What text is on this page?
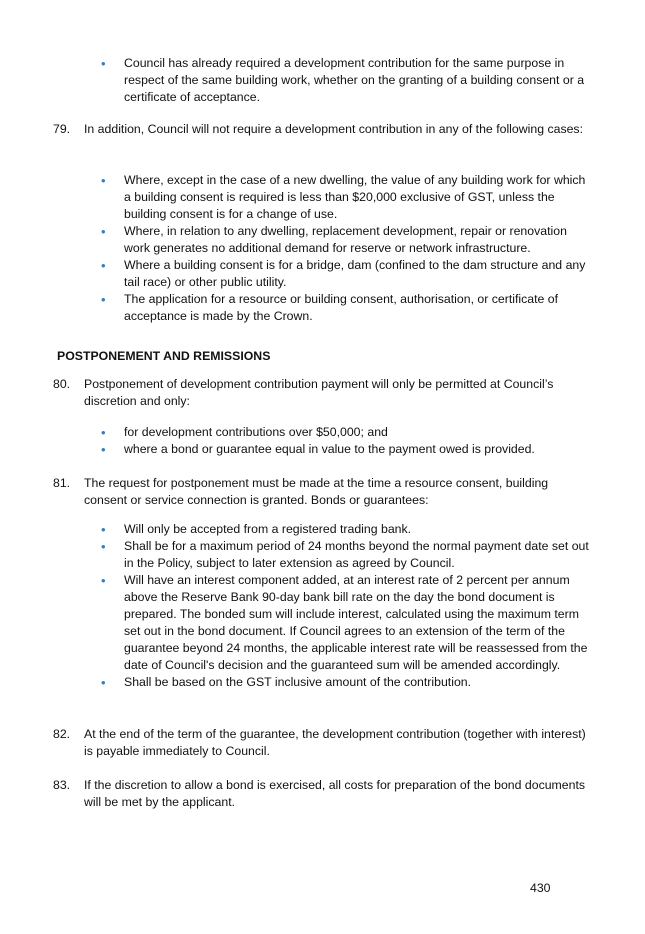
• Council has already required a development contribution for the same purpose in respect of the same building work, whether on the granting of a building consent or a certificate of acceptance.
79.	In addition, Council will not require a development contribution in any of the following cases:
• Where, except in the case of a new dwelling, the value of any building work for which a building consent is required is less than $20,000 exclusive of GST, unless the building consent is for a change of use.
• Where, in relation to any dwelling, replacement development, repair or renovation work generates no additional demand for reserve or network infrastructure.
• Where a building consent is for a bridge, dam (confined to the dam structure and any tail race) or other public utility.
• The application for a resource or building consent, authorisation, or certificate of acceptance is made by the Crown.
POSTPONEMENT AND REMISSIONS
80.	Postponement of development contribution payment will only be permitted at Council’s discretion and only:
• for development contributions over $50,000; and
• where a bond or guarantee equal in value to the payment owed is provided.
81.	The request for postponement must be made at the time a resource consent, building consent or service connection is granted. Bonds or guarantees:
• Will only be accepted from a registered trading bank.
• Shall be for a maximum period of 24 months beyond the normal payment date set out in the Policy, subject to later extension as agreed by Council.
• Will have an interest component added, at an interest rate of 2 percent per annum above the Reserve Bank 90-day bank bill rate on the day the bond document is prepared. The bonded sum will include interest, calculated using the maximum term set out in the bond document. If Council agrees to an extension of the term of the guarantee beyond 24 months, the applicable interest rate will be reassessed from the date of Council's decision and the guaranteed sum will be amended accordingly.
• Shall be based on the GST inclusive amount of the contribution.
82.	At the end of the term of the guarantee, the development contribution (together with interest) is payable immediately to Council.
83.	If the discretion to allow a bond is exercised, all costs for preparation of the bond documents will be met by the applicant.
430
